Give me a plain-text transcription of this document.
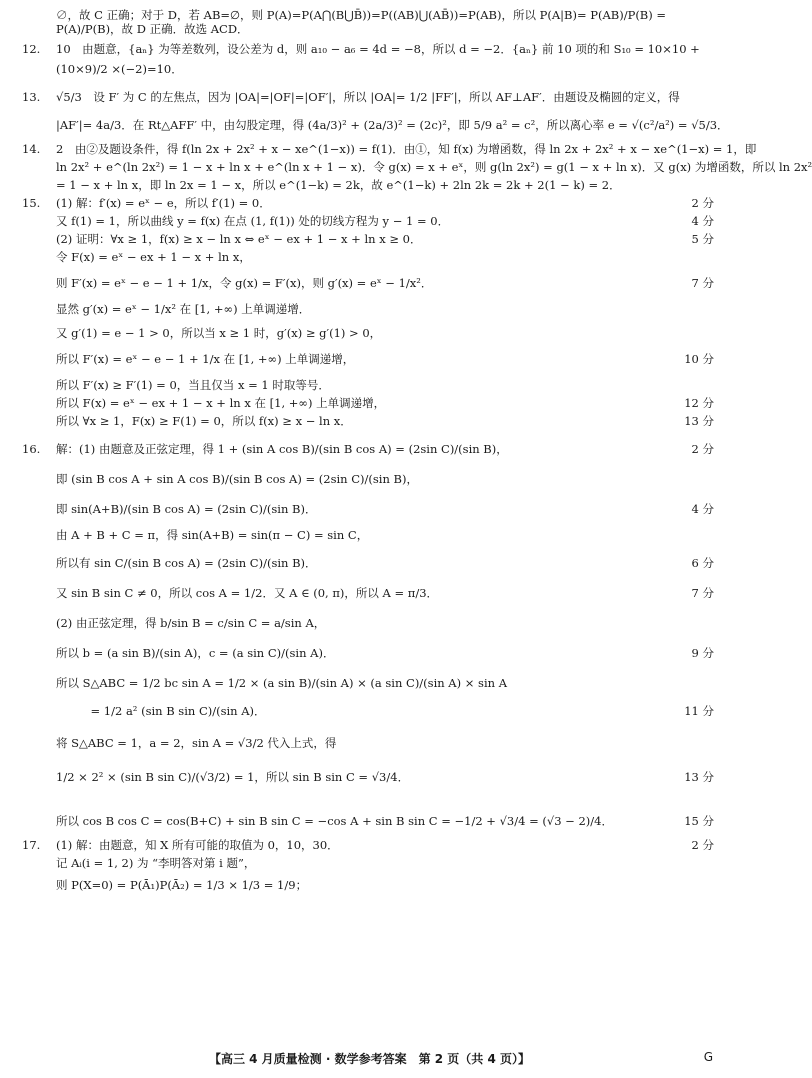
∅，故 C 正确；对于 D，若 AB=∅，则 P(A)=P(A⋂(B⋃B̄))=P((AB)⋃(AB̄))=P(AB)，所以 P(A|B)= P(AB)/P(B) =
P(A)/P(B)，故 D 正确．故选 ACD．
12. 10　由题意，{aₙ} 为等差数列，设公差为 d，则 a₁₀ − a₆ = 4d = −8，所以 d = −2．{aₙ} 前 10 项的和 S₁₀ = 10×10 +
(10×9)/2 ×(−2)=10．
13. √5/3　设 F′ 为 C 的左焦点，因为 |OA|=|OF|=|OF′|，所以 |OA|= 1/2 |FF′|，所以 AF⊥AF′．由题设及椭圆的定义，得
|AF′|= 4a/3．在 Rt△AFF′ 中，由勾股定理，得 (4a/3)² + (2a/3)² = (2c)²，即 5/9 a² = c²，所以离心率 e = √(c²/a²) = √5/3．
14. 2　由②及题设条件，得 f(ln 2x + 2x² + x − xe^(1−x)) = f(1)．由①，知 f(x) 为增函数，得 ln 2x + 2x² + x − xe^(1−x) = 1，即
ln 2x² + e^(ln 2x²) = 1 − x + ln x + e^(ln x + 1 − x)．令 g(x) = x + eˣ，则 g(ln 2x²) = g(1 − x + ln x)．又 g(x) 为增函数，所以 ln 2x²
= 1 − x + ln x，即 ln 2x = 1 − x，所以 e^(1−k) = 2k，故 e^(1−k) + 2ln 2k = 2k + 2(1 − k) = 2．
15. (1) 解：f′(x) = eˣ − e，所以 f′(1) = 0．	2 分
又 f(1) = 1，所以曲线 y = f(x) 在点 (1, f(1)) 处的切线方程为 y − 1 = 0．	4 分
(2) 证明：∀x ≥ 1，f(x) ≥ x − ln x ⇔ eˣ − ex + 1 − x + ln x ≥ 0．	5 分
令 F(x) = eˣ − ex + 1 − x + ln x，
则 F′(x) = eˣ − e − 1 + 1/x，令 g(x) = F′(x)，则 g′(x) = eˣ − 1/x²．	7 分
显然 g′(x) = eˣ − 1/x² 在 [1, +∞) 上单调递增．
又 g′(1) = e − 1 > 0，所以当 x ≥ 1 时，g′(x) ≥ g′(1) > 0，
所以 F′(x) = eˣ − e − 1 + 1/x 在 [1, +∞) 上单调递增，	10 分
所以 F′(x) ≥ F′(1) = 0，当且仅当 x = 1 时取等号．
所以 F(x) = eˣ − ex + 1 − x + ln x 在 [1, +∞) 上单调递增，	12 分
所以 ∀x ≥ 1，F(x) ≥ F(1) = 0，所以 f(x) ≥ x − ln x．	13 分
16. 解：(1) 由题意及正弦定理，得 1 + (sin A cos B)/(sin B cos A) = (2sin C)/(sin B)，	2 分
即 (sin B cos A + sin A cos B)/(sin B cos A) = (2sin C)/(sin B)，
即 sin(A+B)/(sin B cos A) = (2sin C)/(sin B)．	4 分
由 A + B + C = π，得 sin(A+B) = sin(π − C) = sin C，
所以有 sin C/(sin B cos A) = (2sin C)/(sin B)．	6 分
又 sin B sin C ≠ 0，所以 cos A = 1/2．又 A ∈ (0, π)，所以 A = π/3．	7 分
(2) 由正弦定理，得 b/sin B = c/sin C = a/sin A，
所以 b = (a sin B)/(sin A)，c = (a sin C)/(sin A)．	9 分
所以 S△ABC = 1/2 bc sin A = 1/2 × (a sin B)/(sin A) × (a sin C)/(sin A) × sin A
　　　= 1/2 a² (sin B sin C)/(sin A)．	11 分
将 S△ABC = 1，a = 2，sin A = √3/2 代入上式，得
1/2 × 2² × (sin B sin C)/(√3/2) = 1，所以 sin B sin C = √3/4．	13 分
所以 cos B cos C = cos(B+C) + sin B sin C = −cos A + sin B sin C = −1/2 + √3/4 = (√3 − 2)/4．	15 分
17. (1) 解：由题意，知 X 所有可能的取值为 0，10，30．	2 分
记 Aᵢ(i = 1, 2) 为 “李明答对第 i 题”，
则 P(X=0) = P(Ā₁)P(Ā₂) = 1/3 × 1/3 = 1/9；
【高三 4 月质量检测 · 数学参考答案　第 2 页（共 4 页）】	G
